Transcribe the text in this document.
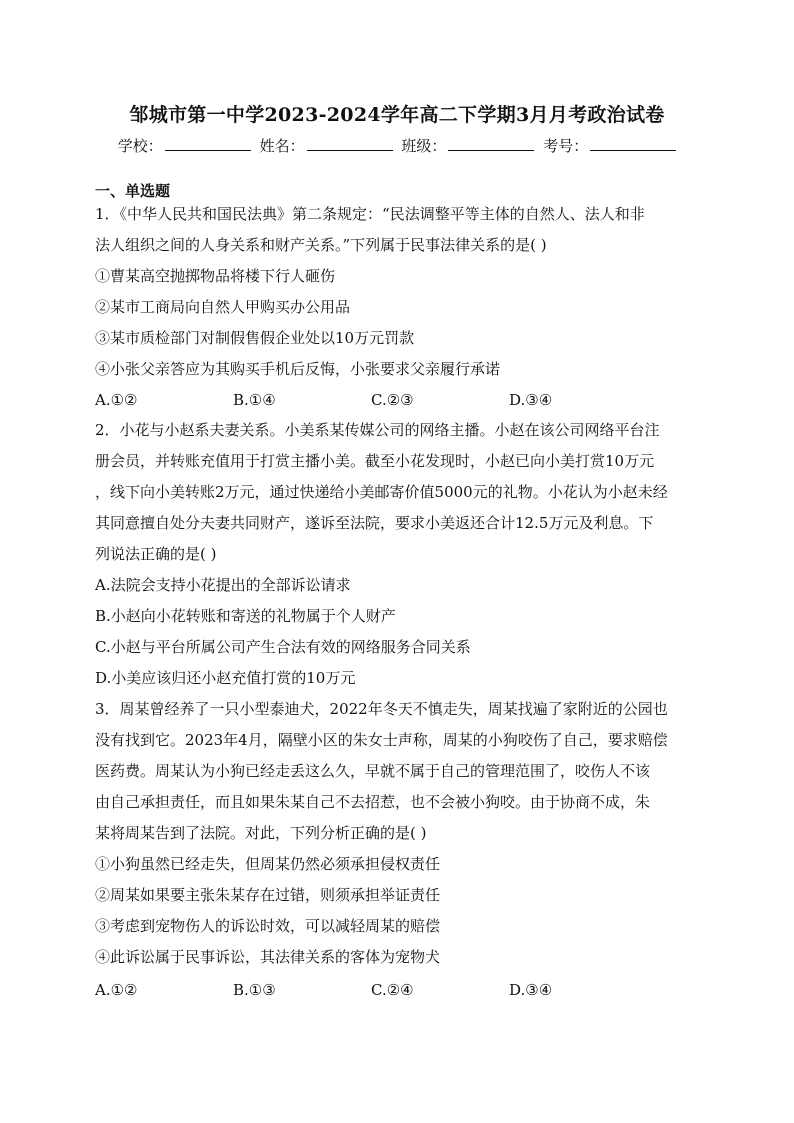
邹城市第一中学2023-2024学年高二下学期3月月考政治试卷
学校：	姓名：	班级：	考号：
一、单选题
1．《中华人民共和国民法典》第二条规定：“民法调整平等主体的自然人、法人和非
法人组织之间的人身关系和财产关系。”下列属于民事法律关系的是( )
①曹某高空抛掷物品将楼下行人砸伤
②某市工商局向自然人甲购买办公用品
③某市质检部门对制假售假企业处以10万元罚款
④小张父亲答应为其购买手机后反悔，小张要求父亲履行承诺
A.①②	B.①④	C.②③	D.③④
2．小花与小赵系夫妻关系。小美系某传媒公司的网络主播。小赵在该公司网络平台注
册会员，并转账充值用于打赏主播小美。截至小花发现时，小赵已向小美打赏10万元
，线下向小美转账2万元，通过快递给小美邮寄价值5000元的礼物。小花认为小赵未经
其同意擅自处分夫妻共同财产，遂诉至法院，要求小美返还合计12.5万元及利息。下
列说法正确的是( )
A.法院会支持小花提出的全部诉讼请求
B.小赵向小花转账和寄送的礼物属于个人财产
C.小赵与平台所属公司产生合法有效的网络服务合同关系
D.小美应该归还小赵充值打赏的10万元
3．周某曾经养了一只小型泰迪犬，2022年冬天不慎走失，周某找遍了家附近的公园也
没有找到它。2023年4月，隔壁小区的朱女士声称，周某的小狗咬伤了自己，要求赔偿
医药费。周某认为小狗已经走丢这么久，早就不属于自己的管理范围了，咬伤人不该
由自己承担责任，而且如果朱某自己不去招惹，也不会被小狗咬。由于协商不成，朱
某将周某告到了法院。对此，下列分析正确的是( )
①小狗虽然已经走失，但周某仍然必须承担侵权责任
②周某如果要主张朱某存在过错，则须承担举证责任
③考虑到宠物伤人的诉讼时效，可以减轻周某的赔偿
④此诉讼属于民事诉讼，其法律关系的客体为宠物犬
A.①②	B.①③	C.②④	D.③④
